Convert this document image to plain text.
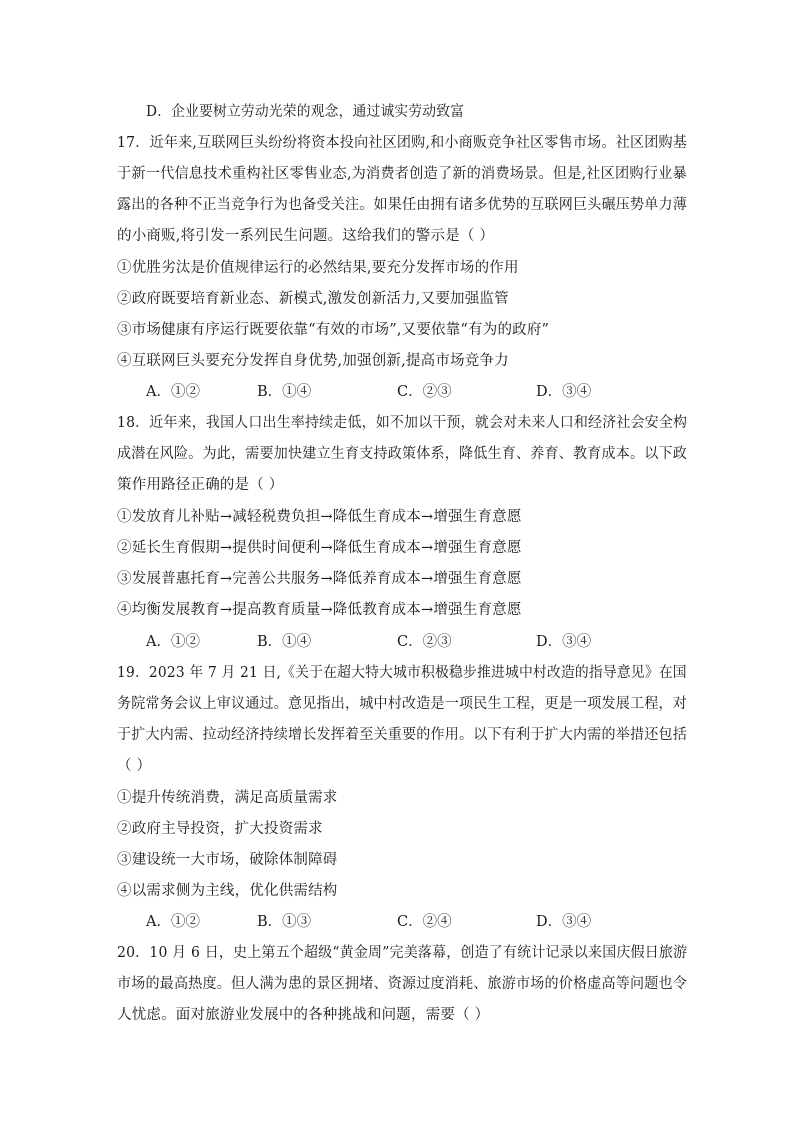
D．企业要树立劳动光荣的观念，通过诚实劳动致富
17．近年来,互联网巨头纷纷将资本投向社区团购,和小商贩竞争社区零售市场。社区团购基
于新一代信息技术重构社区零售业态,为消费者创造了新的消费场景。但是,社区团购行业暴
露出的各种不正当竞争行为也备受关注。如果任由拥有诸多优势的互联网巨头碾压势单力薄
的小商贩,将引发一系列民生问题。这给我们的警示是（ ）
①优胜劣汰是价值规律运行的必然结果,要充分发挥市场的作用
②政府既要培育新业态、新模式,激发创新活力,又要加强监管
③市场健康有序运行既要依靠“有效的市场”,又要依靠“有为的政府”
④互联网巨头要充分发挥自身优势,加强创新,提高市场竞争力
A．①②	B．①④	C．②③	D．③④
18．近年来，我国人口出生率持续走低，如不加以干预，就会对未来人口和经济社会安全构
成潜在风险。为此，需要加快建立生育支持政策体系，降低生育、养育、教育成本。以下政
策作用路径正确的是（ ）
①发放育儿补贴→减轻税费负担→降低生育成本→增强生育意愿
②延长生育假期→提供时间便利→降低生育成本→增强生育意愿
③发展普惠托育→完善公共服务→降低养育成本→增强生育意愿
④均衡发展教育→提高教育质量→降低教育成本→增强生育意愿
A．①②	B．①④	C．②③	D．③④
19．2023 年 7 月 21 日,《关于在超大特大城市积极稳步推进城中村改造的指导意见》在国
务院常务会议上审议通过。意见指出，城中村改造是一项民生工程，更是一项发展工程，对
于扩大内需、拉动经济持续增长发挥着至关重要的作用。以下有利于扩大内需的举措还包括
（ ）
①提升传统消费，满足高质量需求
②政府主导投资，扩大投资需求
③建设统一大市场，破除体制障碍
④以需求侧为主线，优化供需结构
A．①②	B．①③	C．②④	D．③④
20．10 月 6 日，史上第五个超级“黄金周”完美落幕，创造了有统计记录以来国庆假日旅游
市场的最高热度。但人满为患的景区拥堵、资源过度消耗、旅游市场的价格虚高等问题也令
人忧虑。面对旅游业发展中的各种挑战和问题，需要（ ）
